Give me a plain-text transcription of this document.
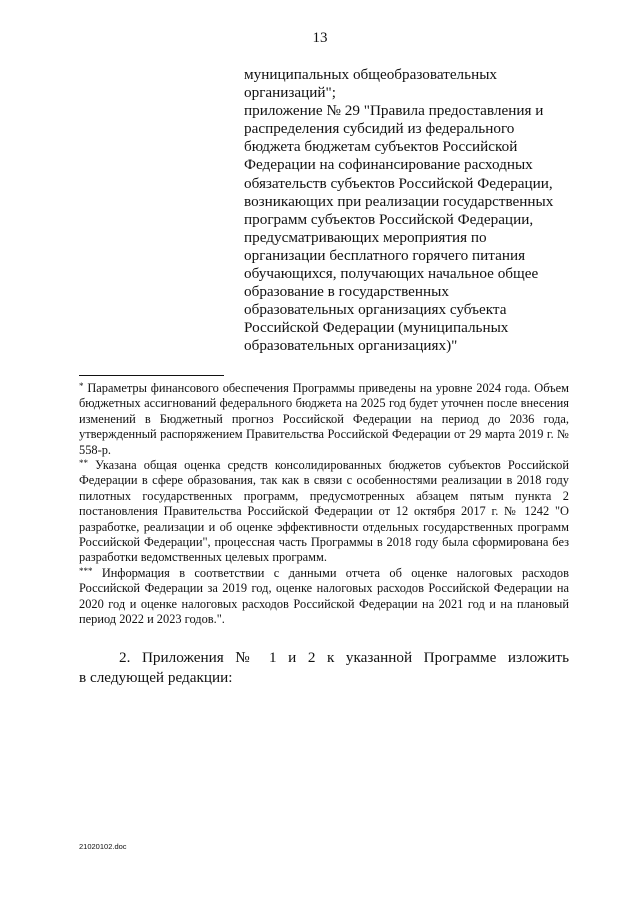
13
муниципальных общеобразовательных
организаций";
приложение № 29 "Правила предоставления и
распределения субсидий из федерального
бюджета бюджетам субъектов Российской
Федерации на софинансирование расходных
обязательств субъектов Российской Федерации,
возникающих при реализации государственных
программ субъектов Российской Федерации,
предусматривающих мероприятия по
организации бесплатного горячего питания
обучающихся, получающих начальное общее
образование в государственных
образовательных организациях субъекта
Российской Федерации (муниципальных
образовательных организациях)"

* Параметры финансового обеспечения Программы приведены на уровне 2024 года. Объем бюджетных ассигнований федерального бюджета на 2025 год будет уточнен после внесения изменений в Бюджетный прогноз Российской Федерации на период до 2036 года, утвержденный распоряжением Правительства Российской Федерации от 29 марта 2019 г. № 558-р.

** Указана общая оценка средств консолидированных бюджетов субъектов Российской Федерации в сфере образования, так как в связи с особенностями реализации в 2018 году пилотных государственных программ, предусмотренных абзацем пятым пункта 2 постановления Правительства Российской Федерации от 12 октября 2017 г. № 1242 "О разработке, реализации и об оценке эффективности отдельных государственных программ Российской Федерации", процессная часть Программы в 2018 году была сформирована без разработки ведомственных целевых программ.

*** Информация в соответствии с данными отчета об оценке налоговых расходов Российской Федерации за 2019 год, оценке налоговых расходов Российской Федерации на 2020 год и оценке налоговых расходов Российской Федерации на 2021 год и на плановый период 2022 и 2023 годов.".

2. Приложения № 1 и 2 к указанной Программе изложить
в следующей редакции:
21020102.doc
